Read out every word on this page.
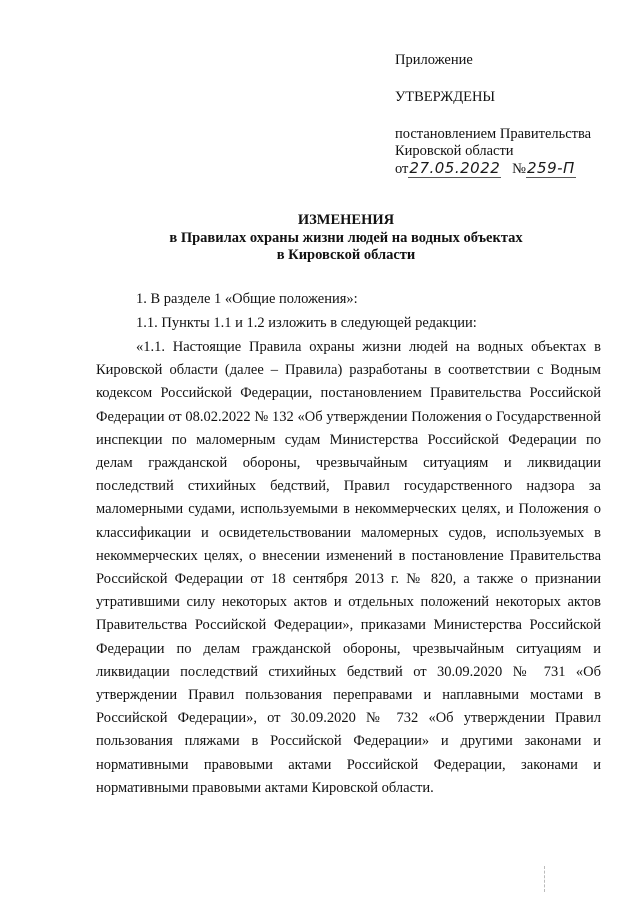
Приложение
УТВЕРЖДЕНЫ
постановлением Правительства
Кировской области
от27.05.2022 №259-П
ИЗМЕНЕНИЯ
в Правилах охраны жизни людей на водных объектах
в Кировской области
1. В разделе 1 «Общие положения»:
1.1. Пункты 1.1 и 1.2 изложить в следующей редакции:
«1.1. Настоящие Правила охраны жизни людей на водных объектах в Кировской области (далее – Правила) разработаны в соответствии с Водным кодексом Российской Федерации, постановлением Правительства Российской Федерации от 08.02.2022 № 132 «Об утверждении Положения о Государственной инспекции по маломерным судам Министерства Российской Федерации по делам гражданской обороны, чрезвычайным ситуациям и ликвидации последствий стихийных бедствий, Правил государственного надзора за маломерными судами, используемыми в некоммерческих целях, и Положения о классификации и освидетельствовании маломерных судов, используемых в некоммерческих целях, о внесении изменений в постановление Правительства Российской Федерации от 18 сентября 2013 г. № 820, а также о признании утратившими силу некоторых актов и отдельных положений некоторых актов Правительства Российской Федерации», приказами Министерства Российской Федерации по делам гражданской обороны, чрезвычайным ситуациям и ликвидации последствий стихийных бедствий от 30.09.2020 № 731 «Об утверждении Правил пользования переправами и наплавными мостами в Российской Федерации», от 30.09.2020 № 732 «Об утверждении Правил пользования пляжами в Российской Федерации» и другими законами и нормативными правовыми актами Российской Федерации, законами и нормативными правовыми актами Кировской области.
